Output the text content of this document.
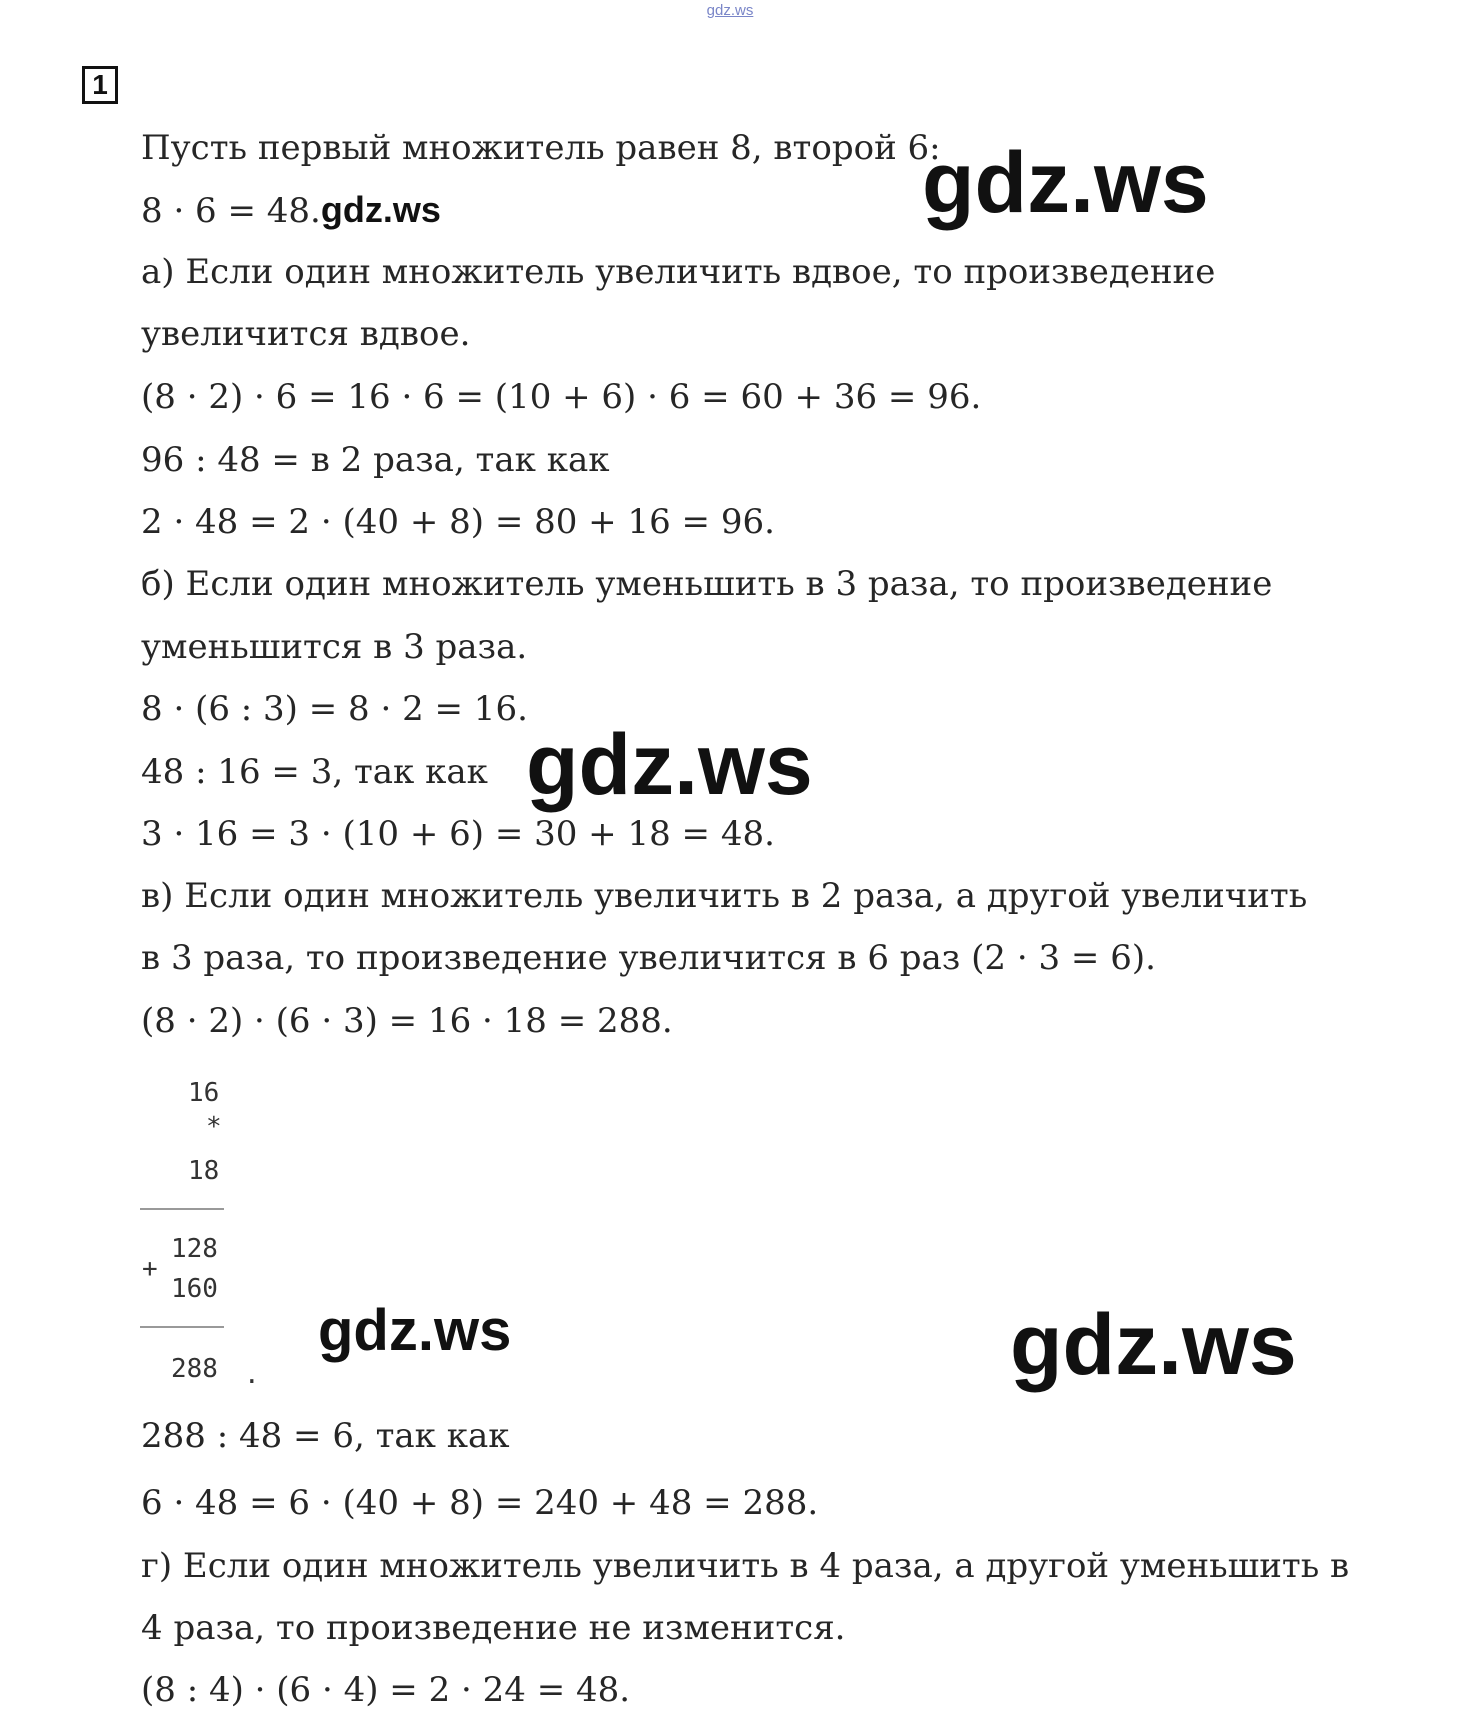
gdz.ws
1
Пусть первый множитель равен 8, второй 6:
8 · 6 = 48.gdz.ws
а) Если один множитель увеличить вдвое, то произведение
увеличится вдвое.
(8 · 2) · 6 = 16 · 6 = (10 + 6) · 6 = 60 + 36 = 96.
96 : 48 = в 2 раза, так как
2 · 48 = 2 · (40 + 8) = 80 + 16 = 96.
б) Если один множитель уменьшить в 3 раза, то произведение
уменьшится в 3 раза.
8 · (6 : 3) = 8 · 2 = 16.
48 : 16 = 3, так как
3 · 16 = 3 · (10 + 6) = 30 + 18 = 48.
в) Если один множитель увеличить в 2 раза, а другой увеличить
в 3 раза, то произведение увеличится в 6 раз (2 · 3 = 6).
(8 · 2) · (6 · 3) = 16 · 18 = 288.
16
*
18
128
+
160
288 .
288 : 48 = 6, так как
6 · 48 = 6 · (40 + 8) = 240 + 48 = 288.
г) Если один множитель увеличить в 4 раза, а другой уменьшить в
4 раза, то произведение не изменится.
(8 : 4) · (6 · 4) = 2 · 24 = 48.
gdz.ws
gdz.ws
gdz.ws	gdz.ws
